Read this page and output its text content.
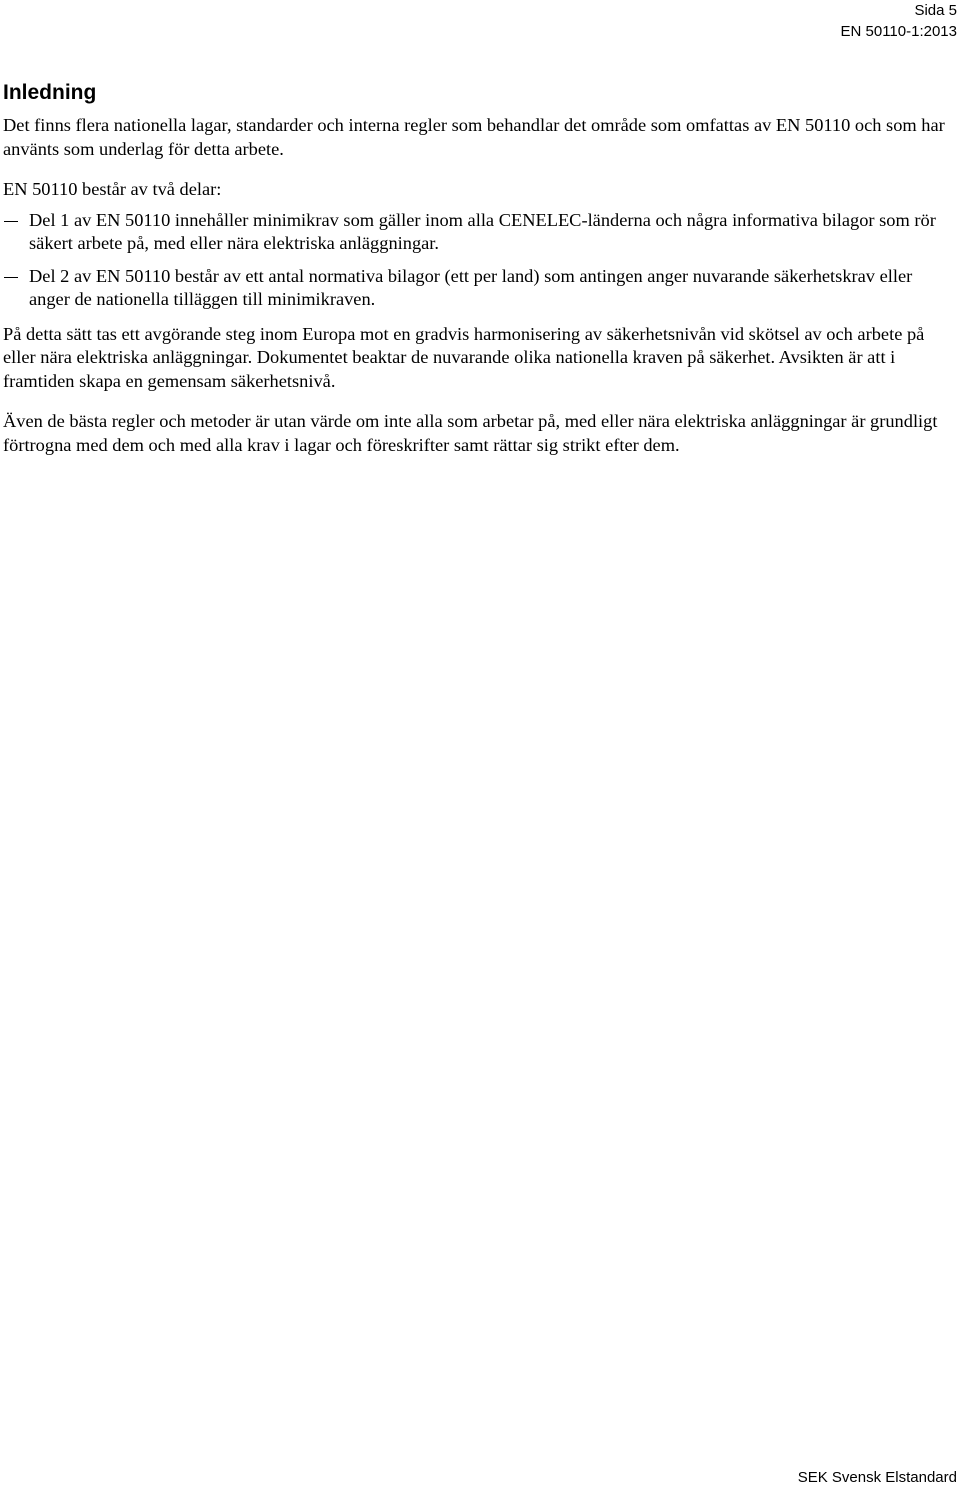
Sida 5
EN 50110-1:2013
Inledning

Det finns flera nationella lagar, standarder och interna regler som behandlar det område som omfattas av EN 50110 och som har använts som underlag för detta arbete.

EN 50110 består av två delar:

Del 1 av EN 50110 innehåller minimikrav som gäller inom alla CENELEC-länderna och några informativa bilagor som rör säkert arbete på, med eller nära elektriska anläggningar.
Del 2 av EN 50110 består av ett antal normativa bilagor (ett per land) som antingen anger nuvarande säkerhetskrav eller anger de nationella tilläggen till minimikraven.

På detta sätt tas ett avgörande steg inom Europa mot en gradvis harmonisering av säkerhetsnivån vid skötsel av och arbete på eller nära elektriska anläggningar. Dokumentet beaktar de nuvarande olika nationella kraven på säkerhet. Avsikten är att i framtiden skapa en gemensam säkerhetsnivå.

Även de bästa regler och metoder är utan värde om inte alla som arbetar på, med eller nära elektriska anläggningar är grundligt förtrogna med dem och med alla krav i lagar och föreskrifter samt rättar sig strikt efter dem.

SEK Svensk Elstandard
